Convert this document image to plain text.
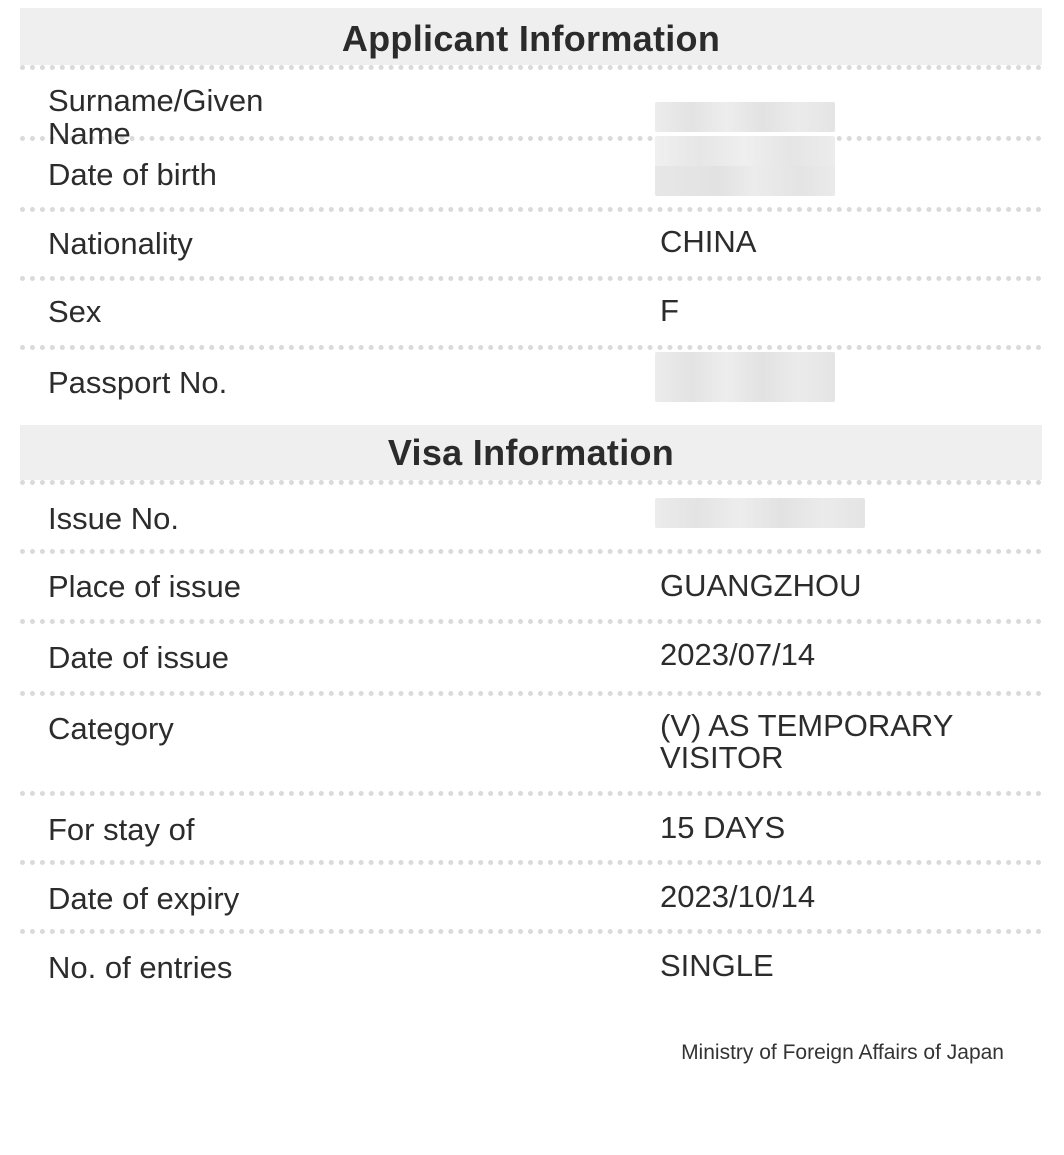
Applicant Information
Surname/Given
Name
Date of birth
Nationality	CHINA
Sex	F
Passport No.
Visa Information
Issue No.
Place of issue	GUANGZHOU
Date of issue	2023/07/14
Category	(V) AS TEMPORARY
VISITOR
For stay of	15 DAYS
Date of expiry	2023/10/14
No. of entries	SINGLE
Ministry of Foreign Affairs of Japan
